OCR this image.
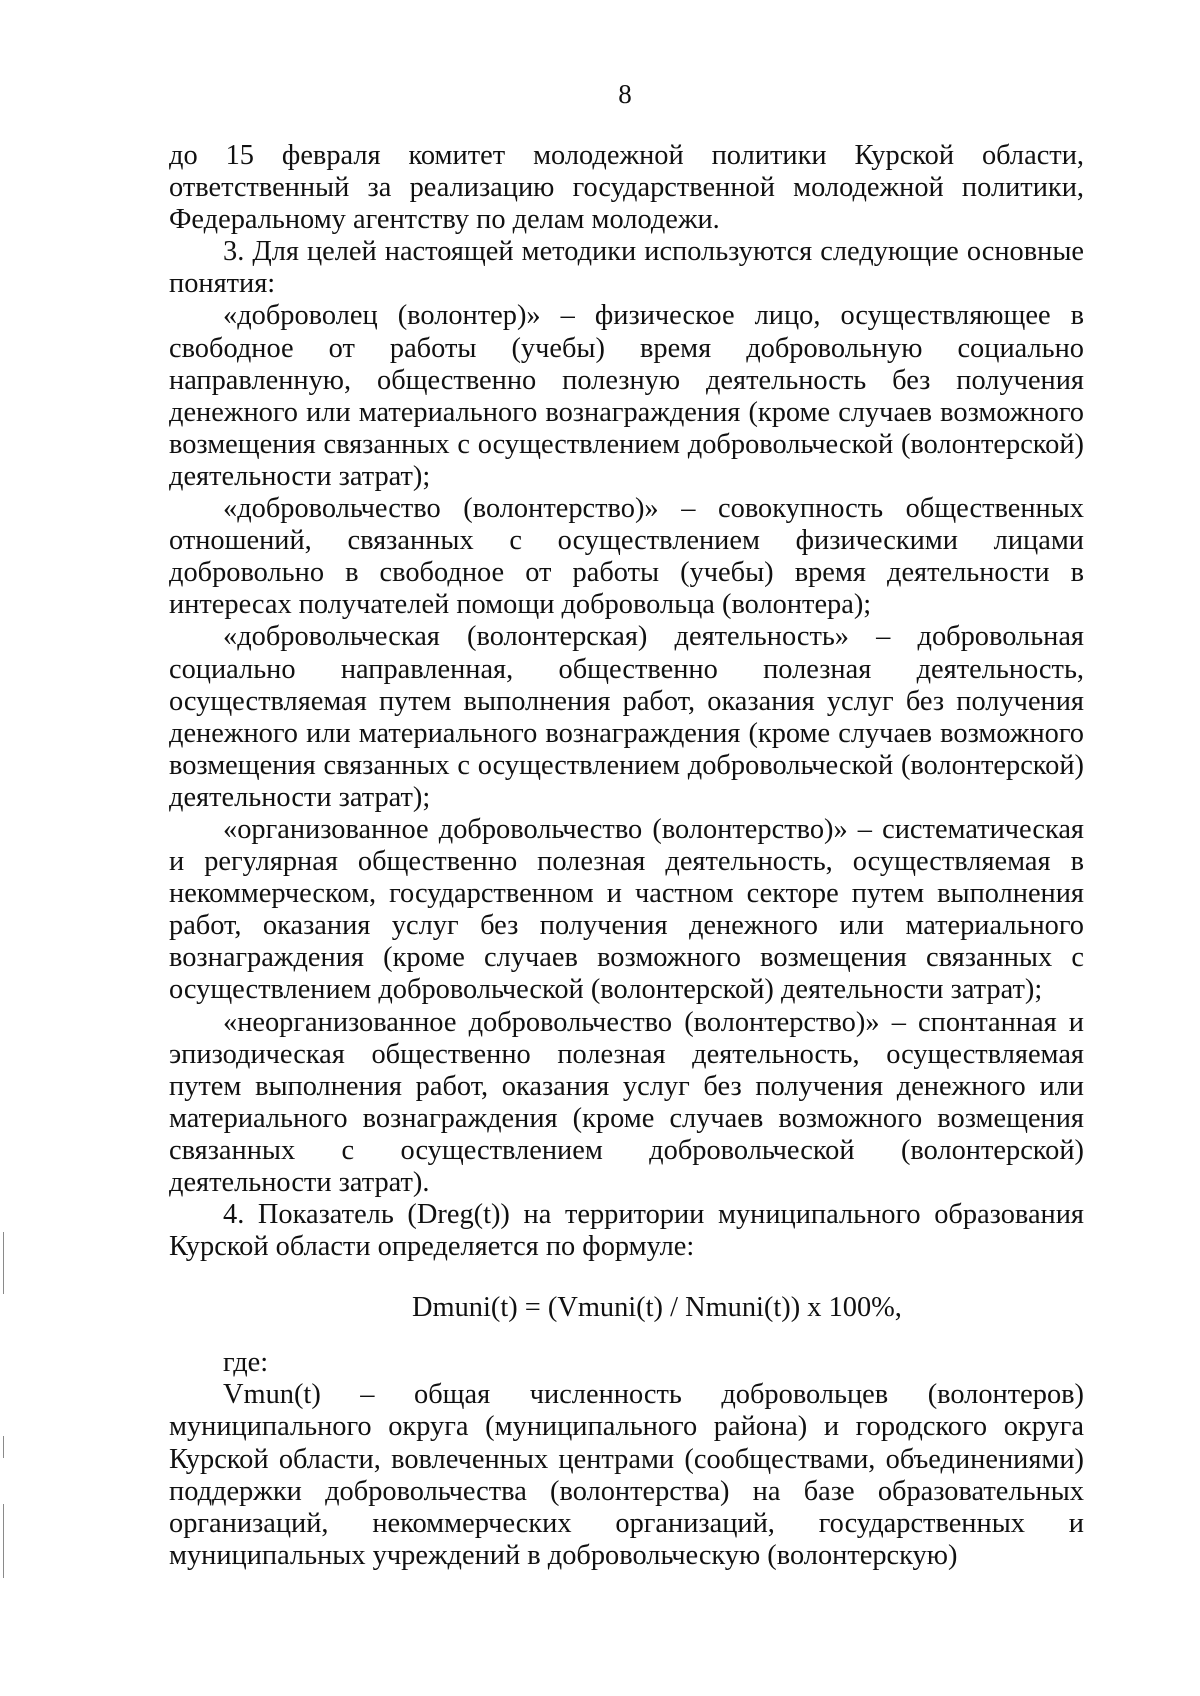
8

до 15 февраля комитет молодежной политики Курской области, ответственный за реализацию государственной молодежной политики, Федеральному агентству по делам молодежи.

3. Для целей настоящей методики используются следующие основные понятия:

«доброволец (волонтер)» – физическое лицо, осуществляющее в свободное от работы (учебы) время добровольную социально направленную, общественно полезную деятельность без получения денежного или материального вознаграждения (кроме случаев возможного возмещения связанных с осуществлением добровольческой (волонтерской) деятельности затрат);

«добровольчество (волонтерство)» – совокупность общественных отношений, связанных с осуществлением физическими лицами добровольно в свободное от работы (учебы) время деятельности в интересах получателей помощи добровольца (волонтера);

«добровольческая (волонтерская) деятельность» – добровольная социально направленная, общественно полезная деятельность, осуществляемая путем выполнения работ, оказания услуг без получения денежного или материального вознаграждения (кроме случаев возможного возмещения связанных с осуществлением добровольческой (волонтерской) деятельности затрат);

«организованное добровольчество (волонтерство)» – систематическая и регулярная общественно полезная деятельность, осуществляемая в некоммерческом, государственном и частном секторе путем выполнения работ, оказания услуг без получения денежного или материального вознаграждения (кроме случаев возможного возмещения связанных с осуществлением добровольческой (волонтерской) деятельности затрат);

«неорганизованное добровольчество (волонтерство)» – спонтанная и эпизодическая общественно полезная деятельность, осуществляемая путем выполнения работ, оказания услуг без получения денежного или материального вознаграждения (кроме случаев возможного возмещения связанных с осуществлением добровольческой (волонтерской) деятельности затрат).

4. Показатель (Dreg(t)) на территории муниципального образования Курской области определяется по формуле:

Dmuni(t) = (Vmuni(t) / Nmuni(t)) x 100%,

где:

Vmun(t) – общая численность добровольцев (волонтеров) муниципального округа (муниципального района) и городского округа Курской области, вовлеченных центрами (сообществами, объединениями) поддержки добровольчества (волонтерства) на базе образовательных организаций, некоммерческих организаций, государственных и муниципальных учреждений в добровольческую (волонтерскую)
